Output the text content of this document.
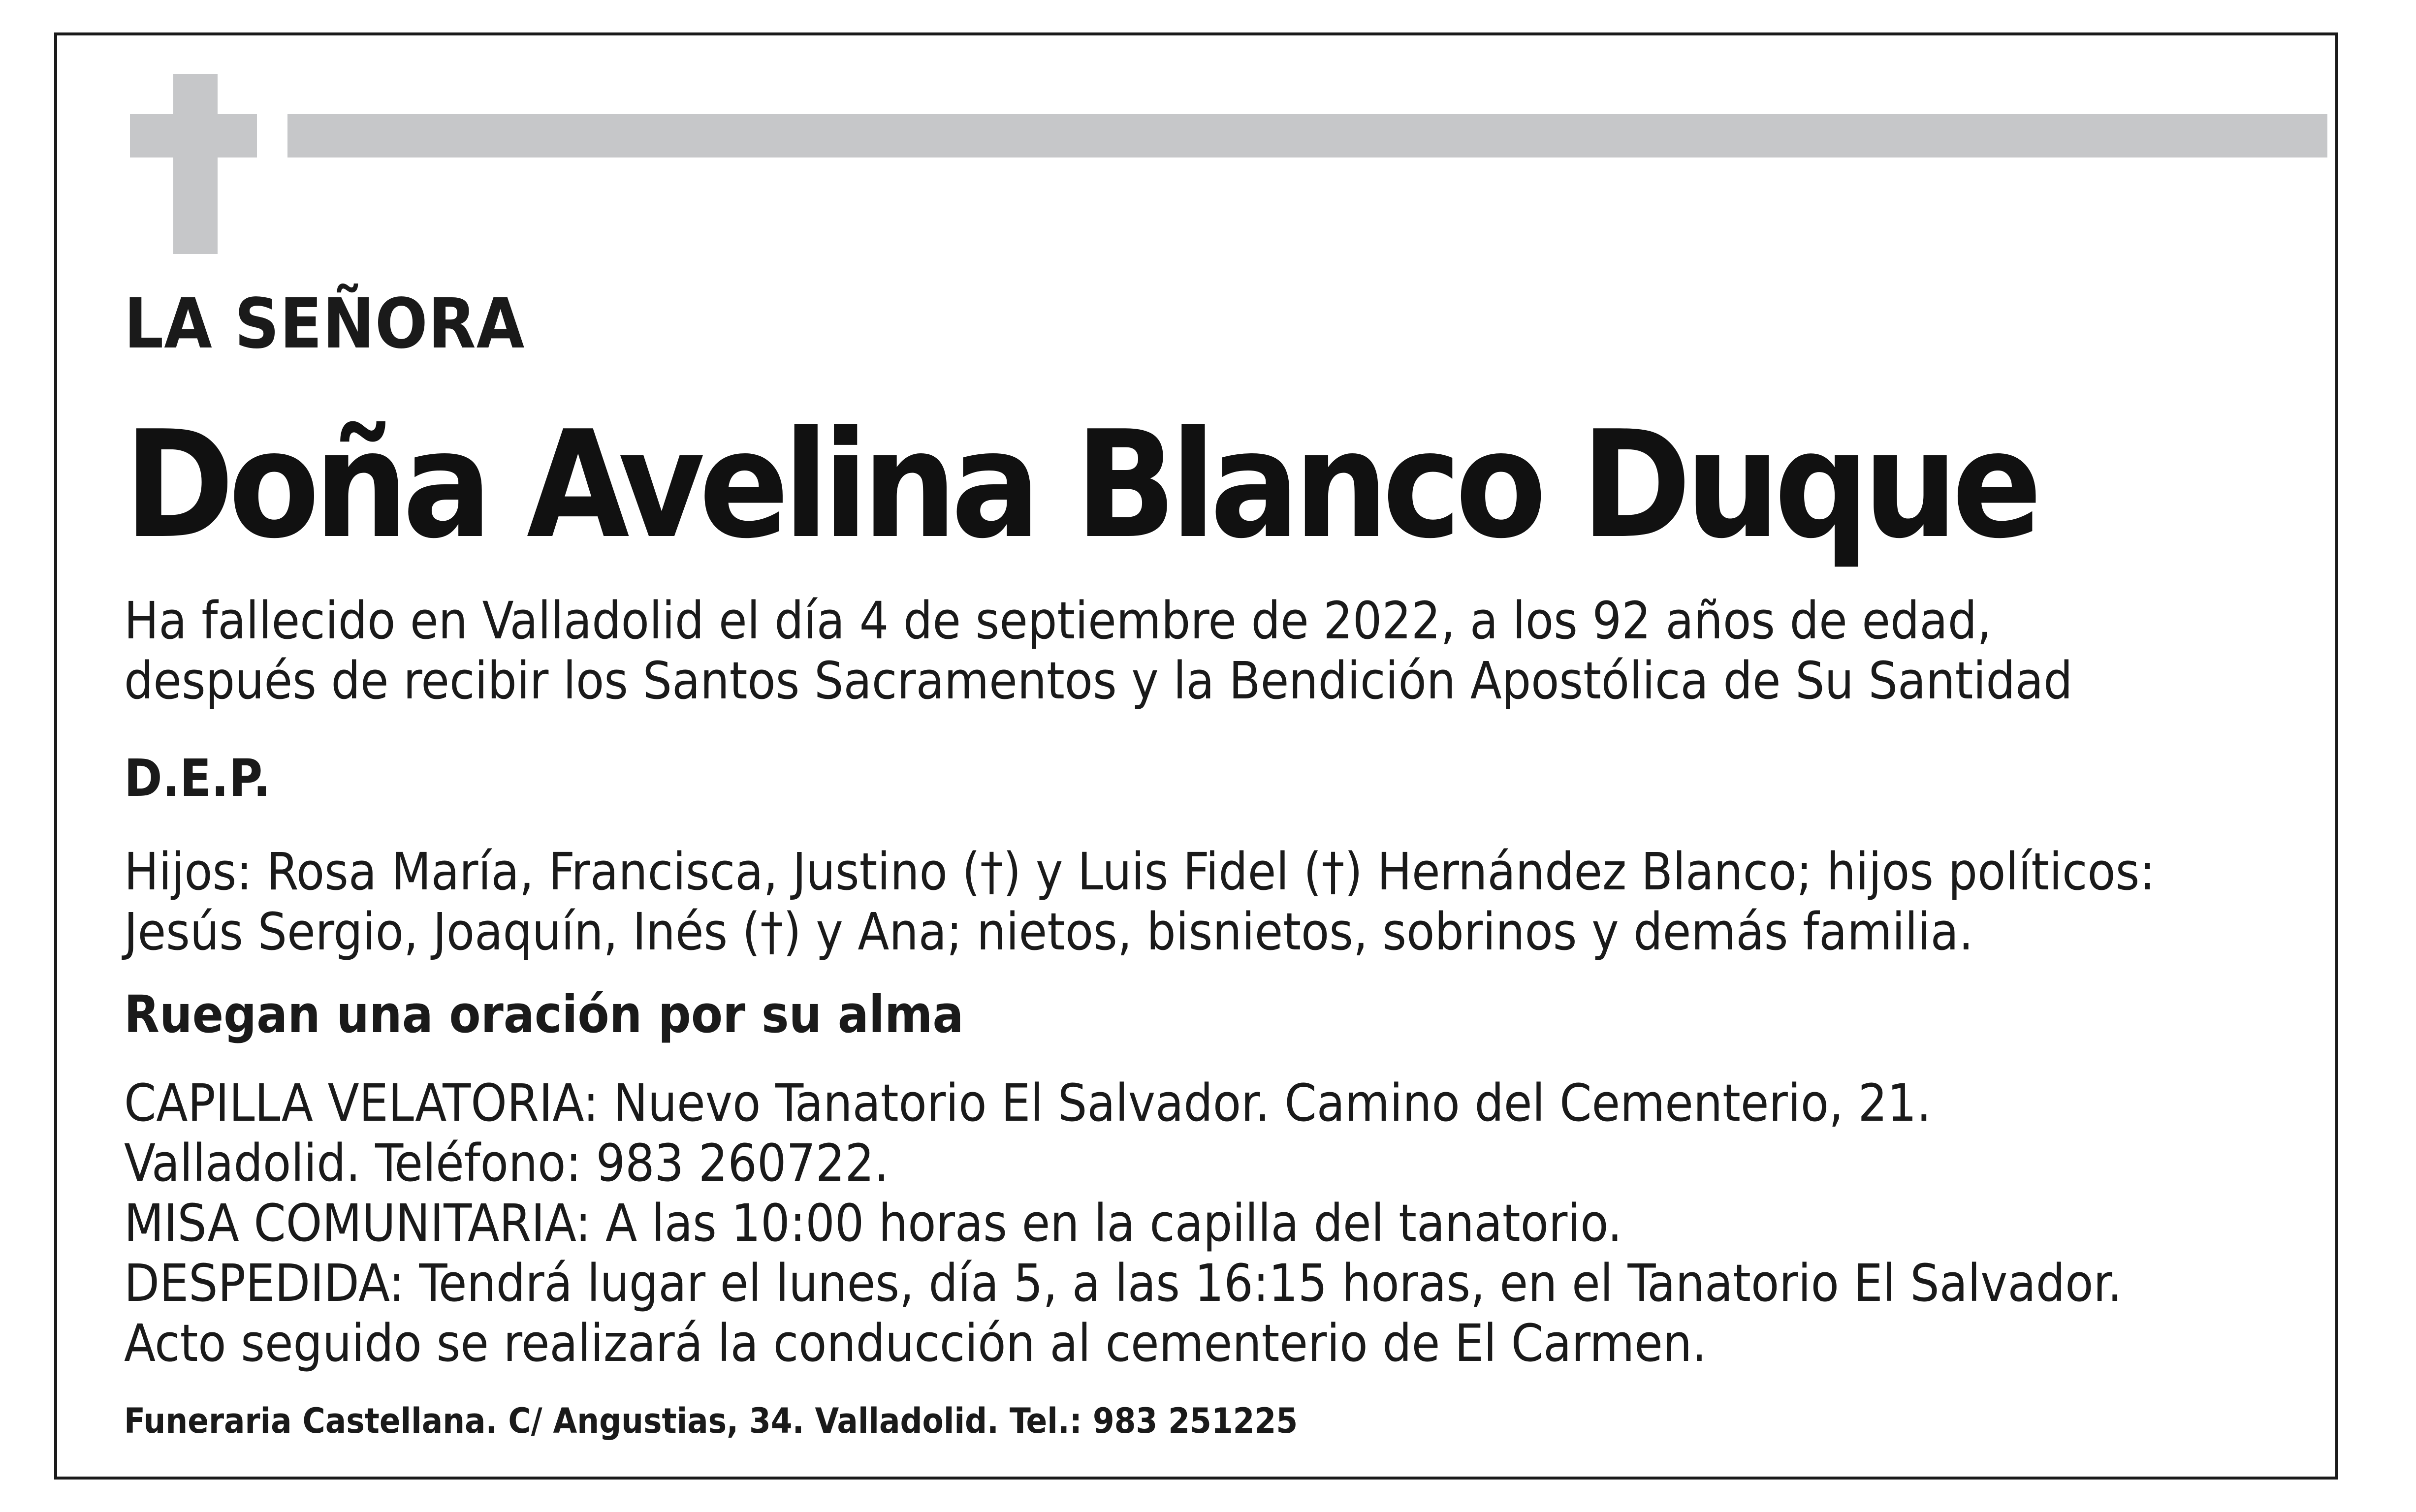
LA SEÑORA

Doña Avelina Blanco Duque

Ha fallecido en Valladolid el día 4 de septiembre de 2022, a los 92 años de edad,
después de recibir los Santos Sacramentos y la Bendición Apostólica de Su Santidad

D.E.P.

Hijos: Rosa María, Francisca, Justino (†) y Luis Fidel (†) Hernández Blanco; hijos políticos:
Jesús Sergio, Joaquín, Inés (†) y Ana; nietos, bisnietos, sobrinos y demás familia.

Ruegan una oración por su alma

CAPILLA VELATORIA: Nuevo Tanatorio El Salvador. Camino del Cementerio, 21.
Valladolid. Teléfono: 983 260722.
MISA COMUNITARIA: A las 10:00 horas en la capilla del tanatorio.
DESPEDIDA: Tendrá lugar el lunes, día 5, a las 16:15 horas, en el Tanatorio El Salvador.
Acto seguido se realizará la conducción al cementerio de El Carmen.

Funeraria Castellana. C/ Angustias, 34. Valladolid. Tel.: 983 251225
